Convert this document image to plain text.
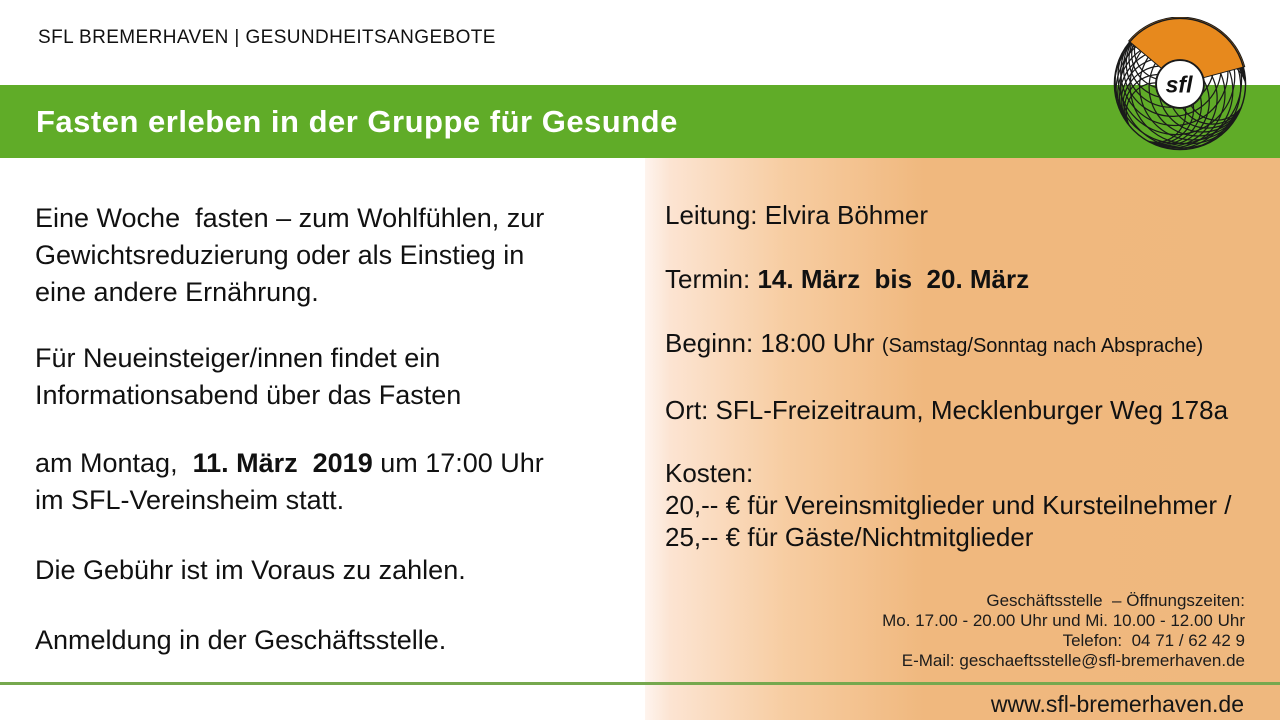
SFL BREMERHAVEN | GESUNDHEITSANGEBOTE
Fasten erleben in der Gruppe für Gesunde
sfl
Leitung: Elvira Böhmer
Termin: 14. März  bis  20. März
Beginn: 18:00 Uhr (Samstag/Sonntag nach Absprache)
Ort: SFL-Freizeitraum, Mecklenburger Weg 178a
Kosten:
20,-- € für Vereinsmitglieder und Kursteilnehmer /
25,-- € für Gäste/Nichtmitglieder
Geschäftsstelle  – Öffnungszeiten:
Mo. 17.00 - 20.00 Uhr und Mi. 10.00 - 12.00 Uhr
Telefon:  04 71 / 62 42 9
E-Mail: geschaeftsstelle@sfl-bremerhaven.de
Eine Woche  fasten – zum Wohlfühlen, zur
Gewichtsreduzierung oder als Einstieg in
eine andere Ernährung.
Für Neueinsteiger/innen findet ein
Informationsabend über das Fasten
am Montag,  11. März  2019 um 17:00 Uhr
im SFL-Vereinsheim statt.
Die Gebühr ist im Voraus zu zahlen.
Anmeldung in der Geschäftsstelle.
www.sfl-bremerhaven.de
